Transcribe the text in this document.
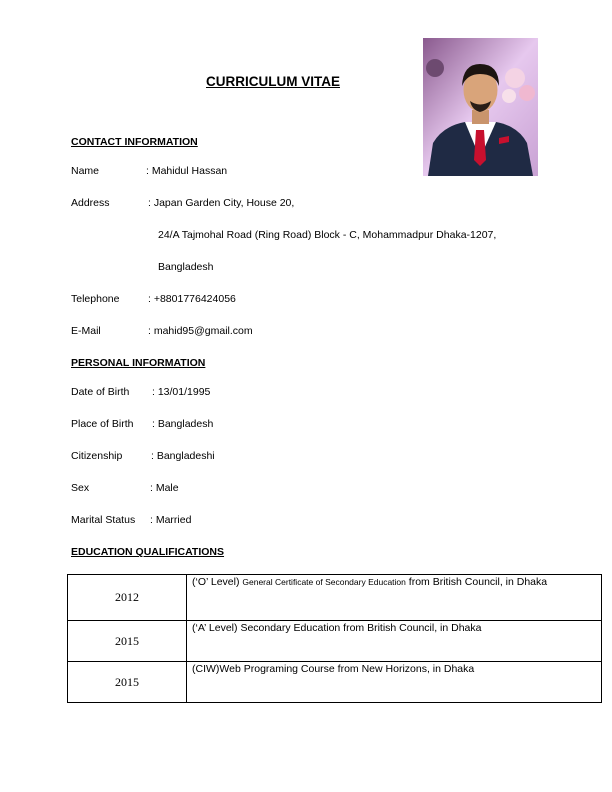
CURRICULUM VITAE
CONTACT INFORMATION
Name	: Mahidul Hassan
Address	: Japan Garden City, House 20,
24/A Tajmohal Road (Ring Road) Block - C, Mohammadpur Dhaka-1207,
Bangladesh
Telephone	: +8801776424056
E-Mail	: mahid95@gmail.com
PERSONAL INFORMATION
Date of Birth : 13/01/1995
Place of Birth : Bangladesh
Citizenship	: Bangladeshi
Sex	: Male
Marital Status : Married
EDUCATION QUALIFICATIONS
2012	(‘O’ Level) General Certificate of Secondary Education from British Council, in Dhaka
2015	(‘A’ Level) Secondary Education from British Council, in Dhaka
2015	(CIW)Web Programing Course from New Horizons, in Dhaka
